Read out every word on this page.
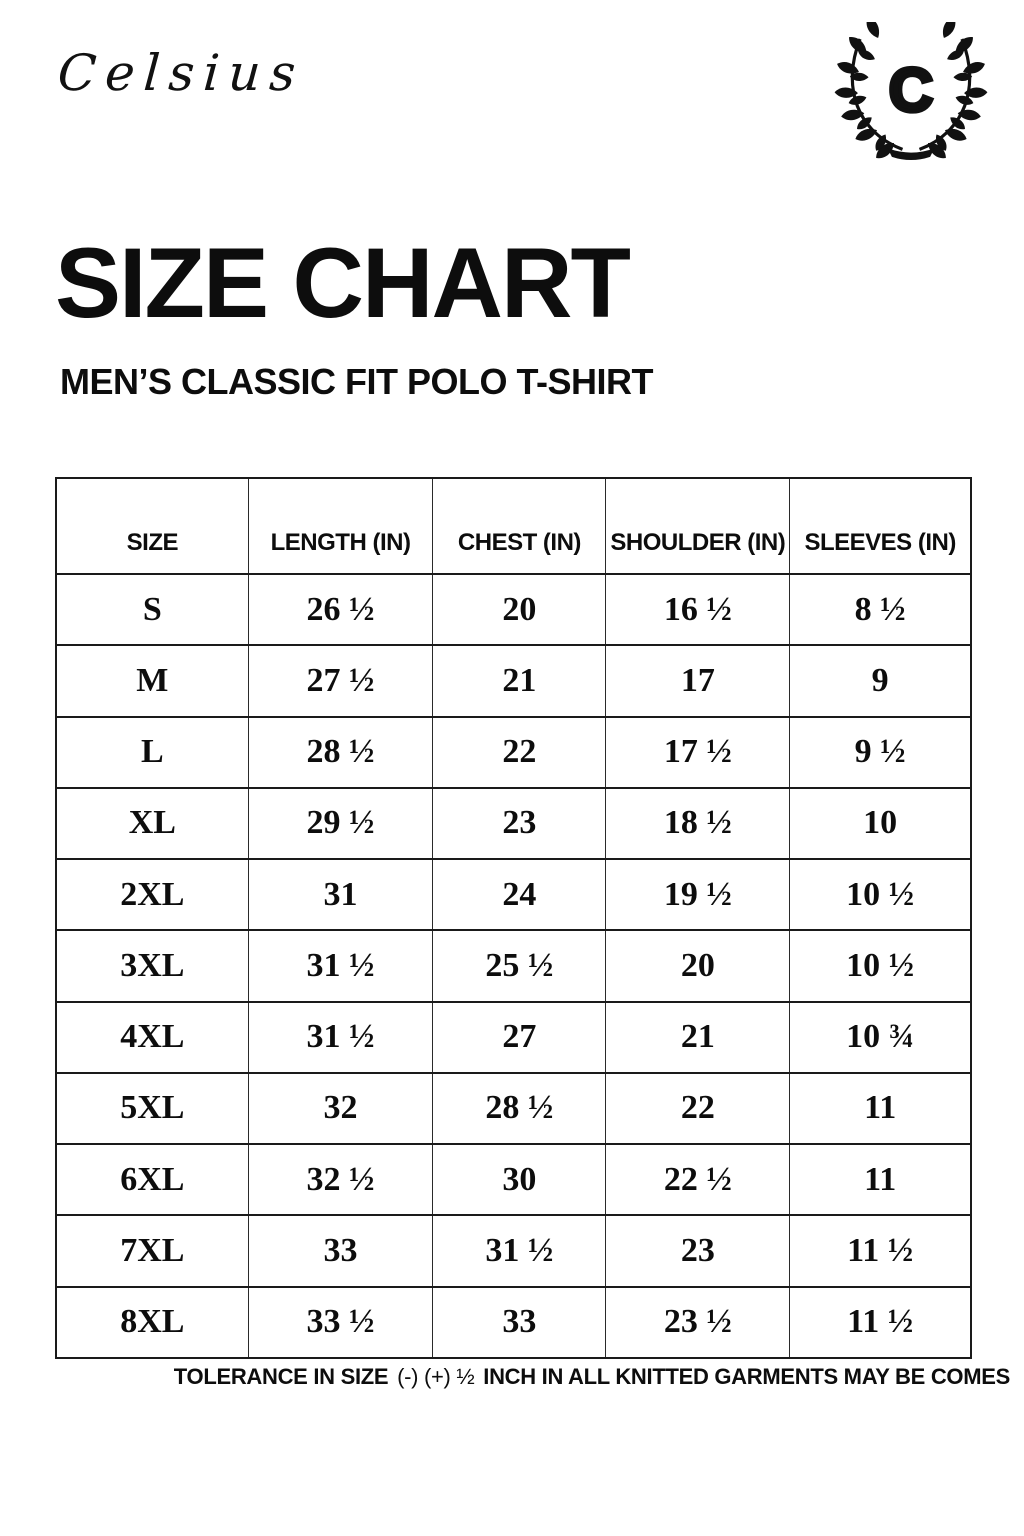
Celsius	C
SIZE CHART
MEN’S CLASSIC FIT POLO T-SHIRT
SIZE	LENGTH (IN)	CHEST (IN)	SHOULDER (IN)	SLEEVES (IN)
S	26 ½	20	16 ½	8 ½
M	27 ½	21	17	9
L	28 ½	22	17 ½	9 ½
XL	29 ½	23	18 ½	10
2XL	31	24	19 ½	10 ½
3XL	31 ½	25 ½	20	10 ½
4XL	31 ½	27	21	10 ¾
5XL	32	28 ½	22	11
6XL	32 ½	30	22 ½	11
7XL	33	31 ½	23	11 ½
8XL	33 ½	33	23 ½	11 ½
TOLERANCE IN SIZE (-) (+) ½ INCH IN ALL KNITTED GARMENTS MAY BE COMES
